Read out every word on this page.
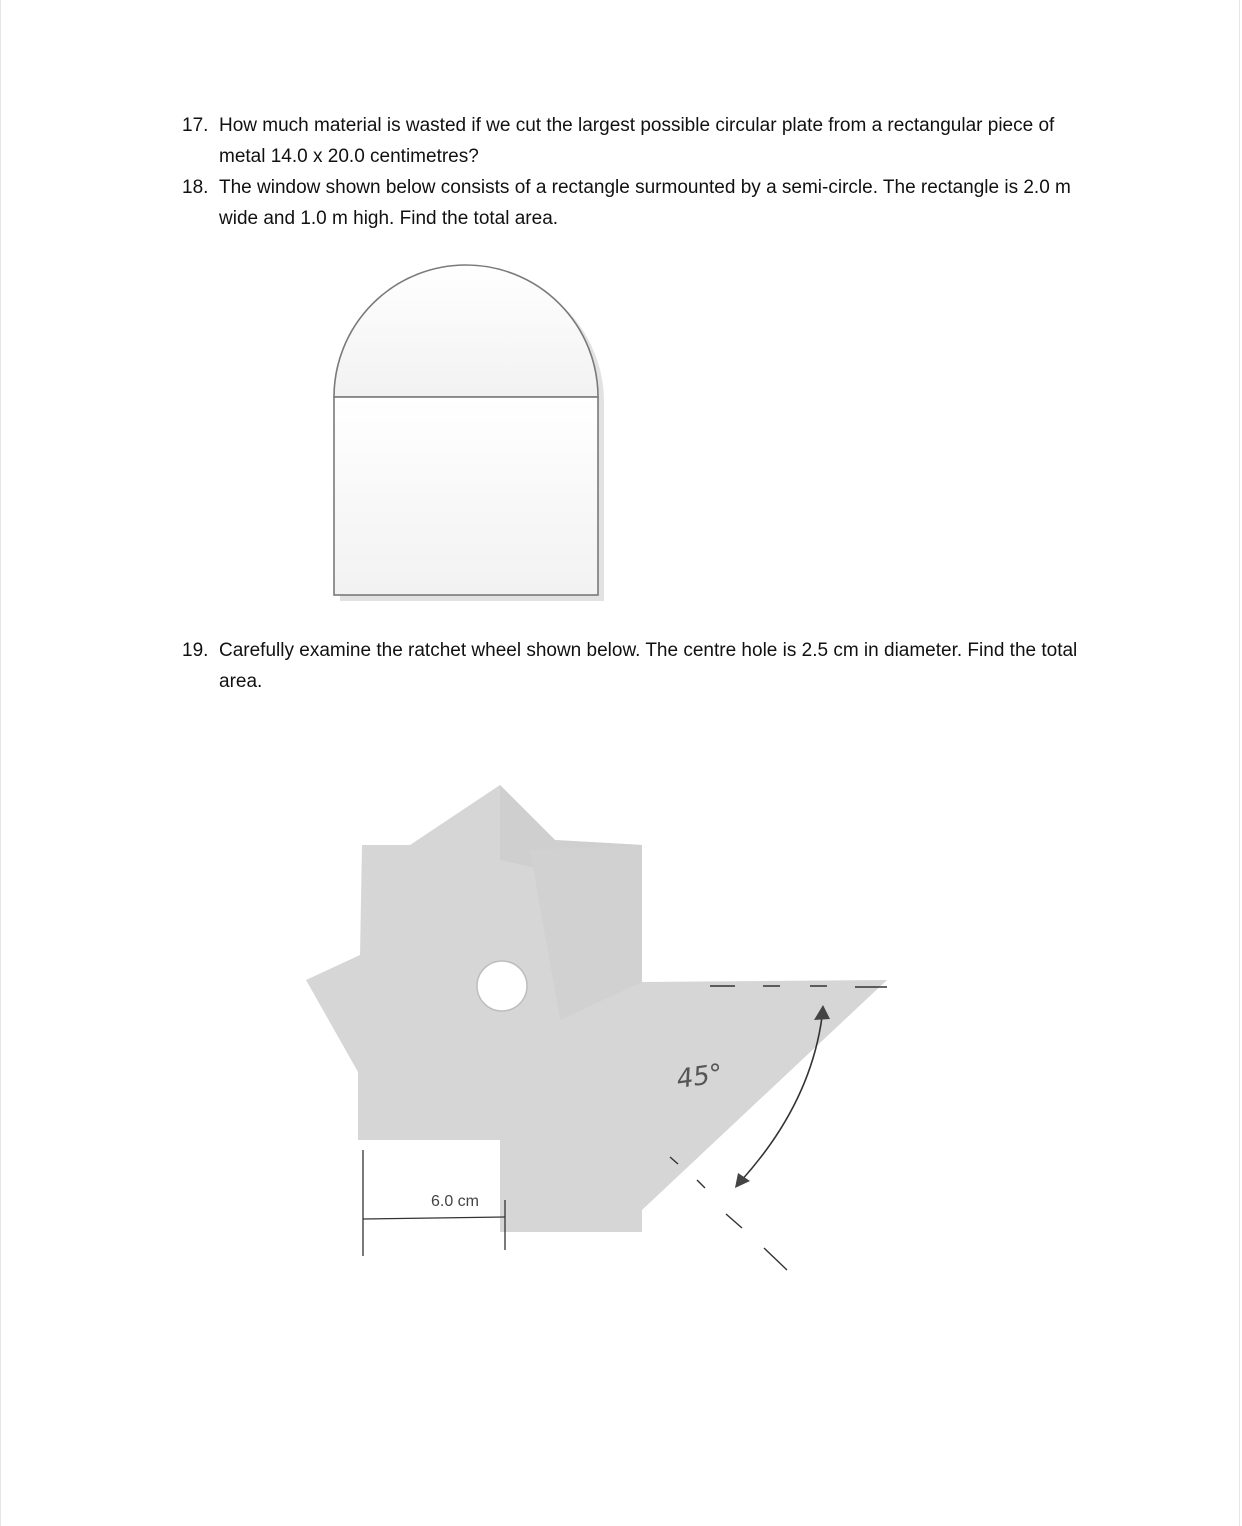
17. How much material is wasted if we cut the largest possible circular plate from a rectangular piece of metal 14.0 x 20.0 centimetres?
18. The window shown below consists of a rectangle surmounted by a semi-circle. The rectangle is 2.0 m wide and 1.0 m high. Find the total area.
19. Carefully examine the ratchet wheel shown below. The centre hole is 2.5 cm in diameter. Find the total area.
6.0 cm
45°
